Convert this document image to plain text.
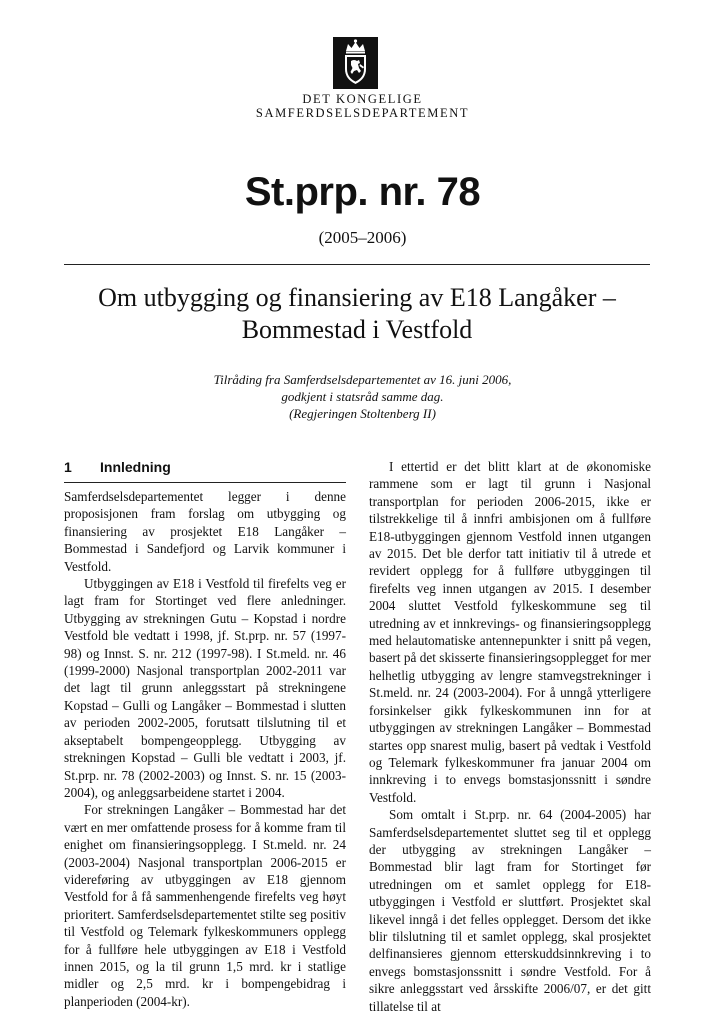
DET KONGELIGE
SAMFERDSELSDEPARTEMENT
St.prp. nr. 78
(2005–2006)
Om utbygging og finansiering av E18 Langåker –
Bommestad i Vestfold
Tilråding fra Samferdselsdepartementet av 16. juni 2006,
godkjent i statsråd samme dag.
(Regjeringen Stoltenberg II)
1 Innledning

Samferdselsdepartementet legger i denne proposisjonen fram forslag om utbygging og finansiering av prosjektet E18 Langåker – Bommestad i Sandefjord og Larvik kommuner i Vestfold.

Utbyggingen av E18 i Vestfold til firefelts veg er lagt fram for Stortinget ved flere anledninger. Utbygging av strekningen Gutu – Kopstad i nordre Vestfold ble vedtatt i 1998, jf. St.prp. nr. 57 (1997-98) og Innst. S. nr. 212 (1997-98). I St.meld. nr. 46 (1999-2000) Nasjonal transportplan 2002-2011 var det lagt til grunn anleggsstart på strekningene Kopstad – Gulli og Langåker – Bommestad i slutten av perioden 2002-2005, forutsatt tilslutning til et akseptabelt bompengeopplegg. Utbygging av strekningen Kopstad – Gulli ble vedtatt i 2003, jf. St.prp. nr. 78 (2002-2003) og Innst. S. nr. 15 (2003-2004), og anleggsarbeidene startet i 2004.

For strekningen Langåker – Bommestad har det vært en mer omfattende prosess for å komme fram til enighet om finansieringsopplegg. I St.meld. nr. 24 (2003-2004) Nasjonal transportplan 2006-2015 er videreføring av utbyggingen av E18 gjennom Vestfold for å få sammenhengende firefelts veg høyt prioritert. Samferdselsdepartementet stilte seg positiv til Vestfold og Telemark fylkeskommuners opplegg for å fullføre hele utbyggingen av E18 i Vestfold innen 2015, og la til grunn 1,5 mrd. kr i statlige midler og 2,5 mrd. kr i bompengebidrag i planperioden (2004-kr).

I ettertid er det blitt klart at de økonomiske rammene som er lagt til grunn i Nasjonal transportplan for perioden 2006-2015, ikke er tilstrekkelige til å innfri ambisjonen om å fullføre E18-utbyggingen gjennom Vestfold innen utgangen av 2015. Det ble derfor tatt initiativ til å utrede et revidert opplegg for å fullføre utbyggingen til firefelts veg innen utgangen av 2015. I desember 2004 sluttet Vestfold fylkeskommune seg til utredning av et innkrevings- og finansieringsopplegg med helautomatiske antennepunkter i snitt på vegen, basert på det skisserte finansieringsopplegget for mer helhetlig utbygging av lengre stamvegstrekninger i St.meld. nr. 24 (2003-2004). For å unngå ytterligere forsinkelser gikk fylkeskommunen inn for at utbyggingen av strekningen Langåker – Bommestad startes opp snarest mulig, basert på vedtak i Vestfold og Telemark fylkeskommuner fra januar 2004 om innkreving i to envegs bomstasjonssnitt i søndre Vestfold.

Som omtalt i St.prp. nr. 64 (2004-2005) har Samferdselsdepartementet sluttet seg til et opplegg der utbygging av strekningen Langåker – Bommestad blir lagt fram for Stortinget før utredningen om et samlet opplegg for E18-utbyggingen i Vestfold er sluttført. Prosjektet skal likevel inngå i det felles opplegget. Dersom det ikke blir tilslutning til et samlet opplegg, skal prosjektet delfinansieres gjennom etterskuddsinnkreving i to envegs bomstasjonssnitt i søndre Vestfold. For å sikre anleggsstart ved årsskifte 2006/07, er det gitt tillatelse til at
